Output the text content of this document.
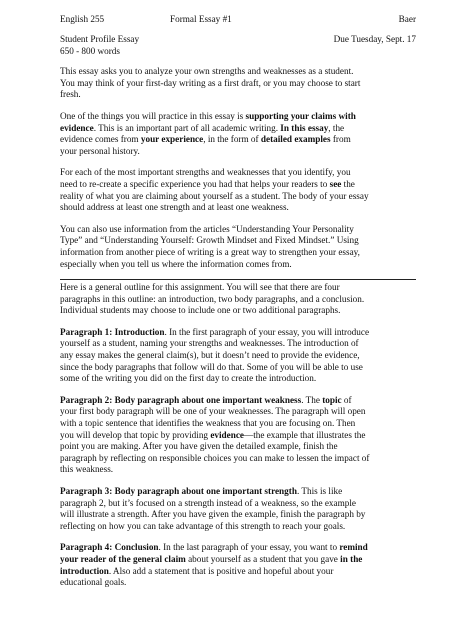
English 255	Formal Essay #1	Baer
Student Profile Essay	Due Tuesday, Sept. 17
650 - 800 words
This essay asks you to analyze your own strengths and weaknesses as a student.
You may think of your first-day writing as a first draft, or you may choose to start
fresh.
One of the things you will practice in this essay is supporting your claims with
evidence. This is an important part of all academic writing. In this essay, the
evidence comes from your experience, in the form of detailed examples from
your personal history.
For each of the most important strengths and weaknesses that you identify, you
need to re-create a specific experience you had that helps your readers to see the
reality of what you are claiming about yourself as a student. The body of your essay
should address at least one strength and at least one weakness.
You can also use information from the articles “Understanding Your Personality
Type” and “Understanding Yourself: Growth Mindset and Fixed Mindset.” Using
information from another piece of writing is a great way to strengthen your essay,
especially when you tell us where the information comes from.
Here is a general outline for this assignment. You will see that there are four
paragraphs in this outline: an introduction, two body paragraphs, and a conclusion.
Individual students may choose to include one or two additional paragraphs.
Paragraph 1: Introduction. In the first paragraph of your essay, you will introduce
yourself as a student, naming your strengths and weaknesses. The introduction of
any essay makes the general claim(s), but it doesn’t need to provide the evidence,
since the body paragraphs that follow will do that. Some of you will be able to use
some of the writing you did on the first day to create the introduction.
Paragraph 2: Body paragraph about one important weakness. The topic of
your first body paragraph will be one of your weaknesses. The paragraph will open
with a topic sentence that identifies the weakness that you are focusing on. Then
you will develop that topic by providing evidence—the example that illustrates the
point you are making. After you have given the detailed example, finish the
paragraph by reflecting on responsible choices you can make to lessen the impact of
this weakness.
Paragraph 3: Body paragraph about one important strength. This is like
paragraph 2, but it’s focused on a strength instead of a weakness, so the example
will illustrate a strength. After you have given the example, finish the paragraph by
reflecting on how you can take advantage of this strength to reach your goals.
Paragraph 4: Conclusion. In the last paragraph of your essay, you want to remind
your reader of the general claim about yourself as a student that you gave in the
introduction. Also add a statement that is positive and hopeful about your
educational goals.
